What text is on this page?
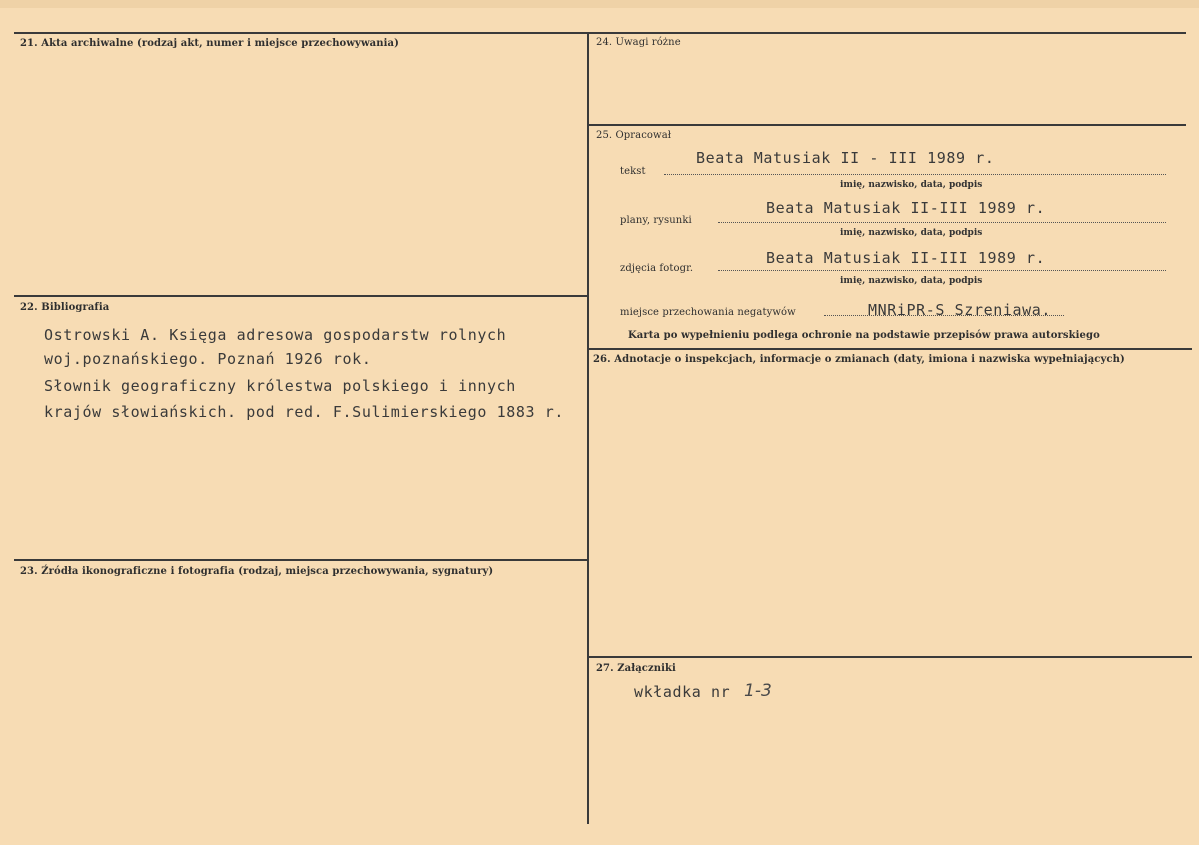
21. Akta archiwalne (rodzaj akt, numer i miejsce przechowywania)
22. Bibliografia
Ostrowski A. Księga adresowa gospodarstw rolnych
woj.poznańskiego. Poznań 1926 rok.
Słownik geograficzny królestwa polskiego i innych
krajów słowiańskich. pod red. F.Sulimierskiego 1883 r.
23. Źródła ikonograficzne i fotografia (rodzaj, miejsca przechowywania, sygnatury)
24. Uwagi różne
25. Opracował
Beata Matusiak II - III 1989 r.
tekst
imię, nazwisko, data, podpis
Beata Matusiak II-III 1989 r.
plany, rysunki
imię, nazwisko, data, podpis
Beata Matusiak II-III 1989 r.
zdjęcia fotogr.
imię, nazwisko, data, podpis
miejsce przechowania negatywów	MNRiPR-S Szreniawa.
Karta po wypełnieniu podlega ochronie na podstawie przepisów prawa autorskiego
26. Adnotacje o inspekcjach, informacje o zmianach (daty, imiona i nazwiska wypełniających)
27. Załączniki
wkładka nr 1-3
